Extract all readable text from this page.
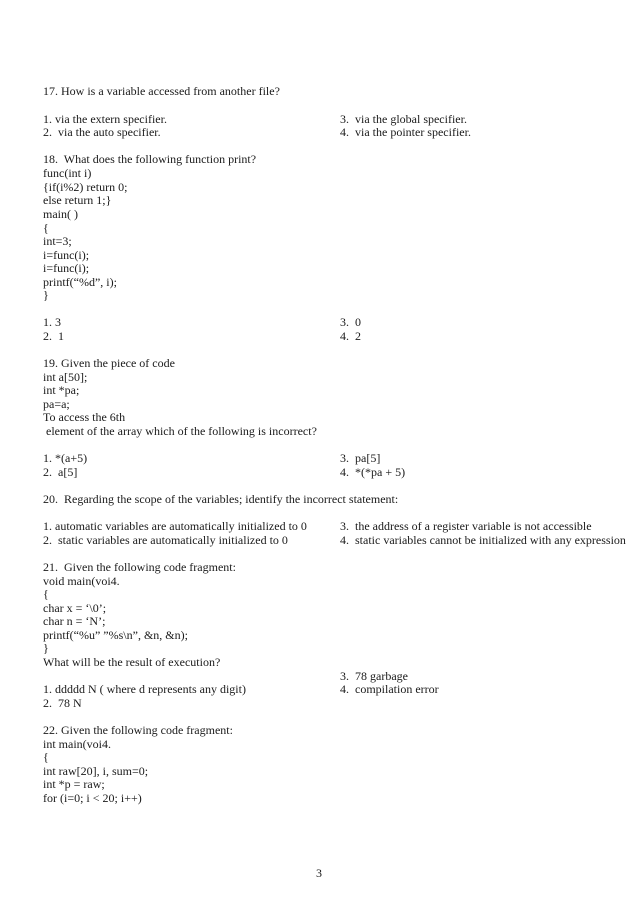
17. How is a variable accessed from another file?
1. via the extern specifier.
2.  via the auto specifier.
3.  via the global specifier.
4.  via the pointer specifier.
18.  What does the following function print?
func(int i)
{if(i%2) return 0;
else return 1;}
main( )
{
int=3;
i=func(i);
i=func(i);
printf(“%d”, i);
}
1. 3
2.  1
3.  0
4.  2
19. Given the piece of code
int a[50];
int *pa;
pa=a;
To access the 6th
element of the array which of the following is incorrect?
1. *(a+5)
2.  a[5]
3.  pa[5]
4.  *(*pa + 5)
20.  Regarding the scope of the variables; identify the incorrect statement:
1. automatic variables are automatically initialized to 0
2.  static variables are automatically initialized to 0
3.  the address of a register variable is not accessible
4.  static variables cannot be initialized with any expression
21.  Given the following code fragment:
void main(voi4.
{
char x = ‘\0’;
char n = ‘N’;
printf(“%u” ”%s\n”, &n, &n);
}
What will be the result of execution?
3.  78 garbage
1. ddddd N ( where d represents any digit)	4.  compilation error
2.  78 N
22. Given the following code fragment:
int main(voi4.
{
int raw[20], i, sum=0;
int *p = raw;
for (i=0; i < 20; i++)
3
